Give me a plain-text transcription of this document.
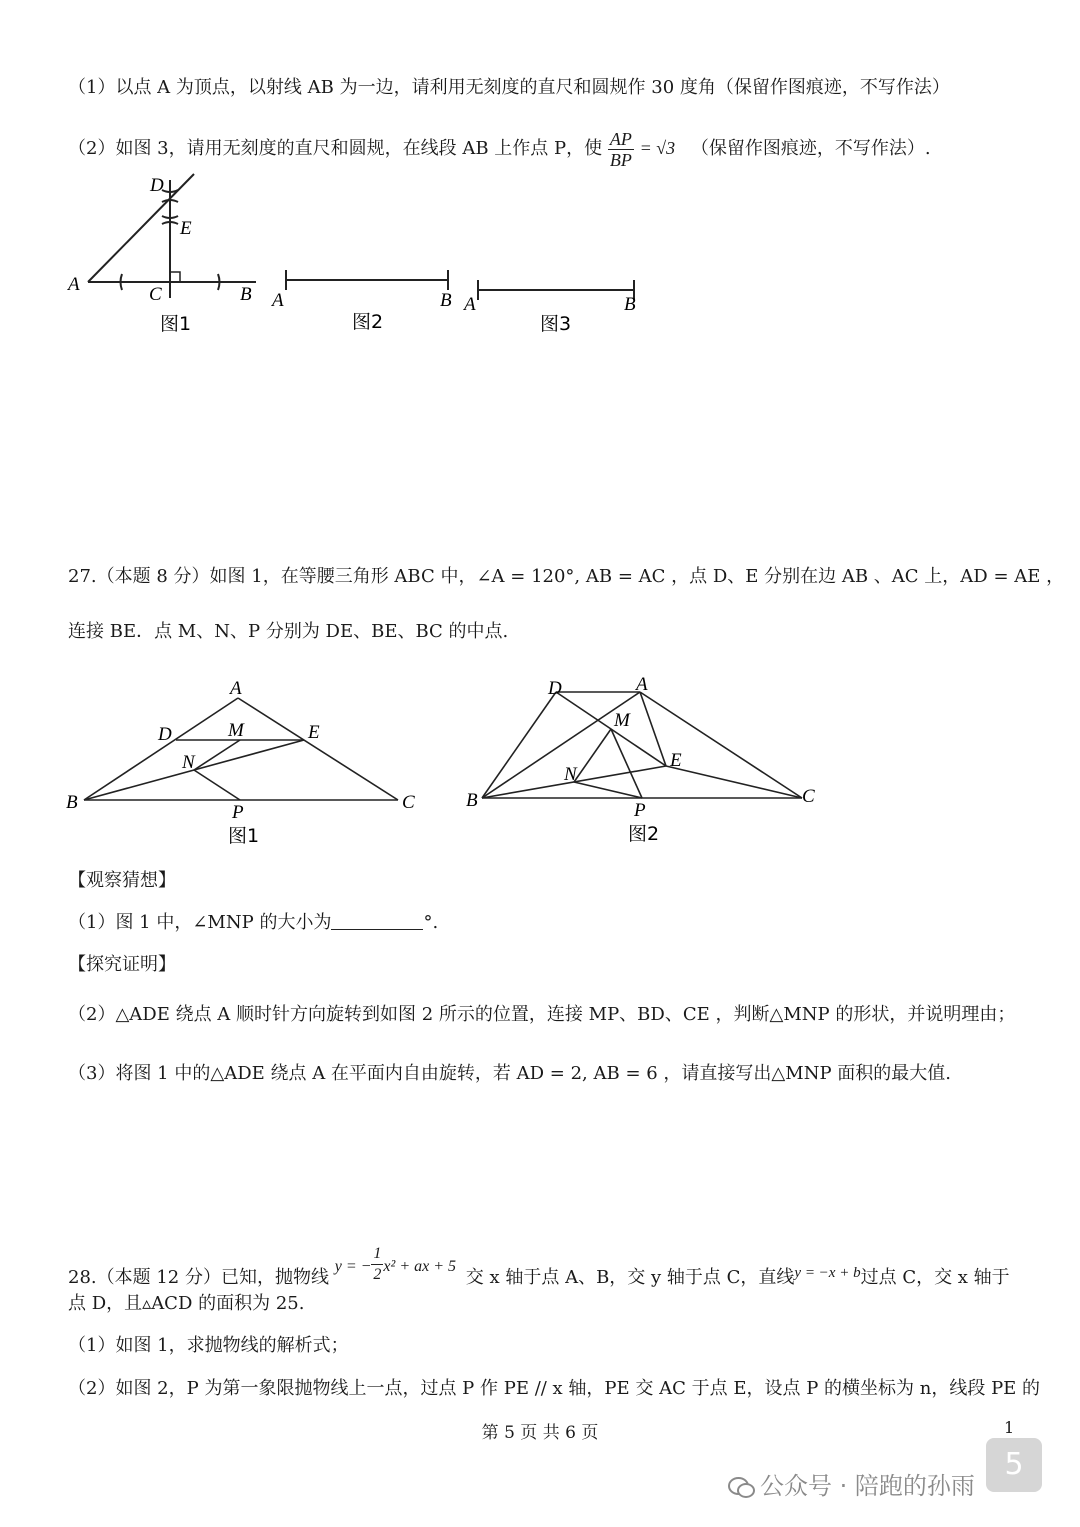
（1）以点 A 为顶点，以射线 AB 为一边，请利用无刻度的直尺和圆规作 30 度角（保留作图痕迹，不写作法）
（2）如图 3，请用无刻度的直尺和圆规，在线段 AB 上作点 P，使 $\frac{AP}{BP} = √3$ （保留作图痕迹，不写作法）.
D
E
A	C	B
图1
A	B
图2
A	B
图3
27.（本题 8 分）如图 1，在等腰三角形 ABC 中，∠A = 120°, AB = AC ，点 D、E 分别在边 AB 、AC 上，AD = AE ，
连接 BE．点 M、N、P 分别为 DE、BE、BC 的中点.
A
D	M	E
N
B	P	C
图1
D	A
M
E
N
B	P
C
图2
【观察猜想】
（1）图 1 中，∠MNP 的大小为	°.
【探究证明】
（2）△ADE 绕点 A 顺时针方向旋转到如图 2 所示的位置，连接 MP、BD、CE ，判断△MNP 的形状，并说明理由；
（3）将图 1 中的△ADE 绕点 A 在平面内自由旋转，若 AD = 2, AB = 6 ，请直接写出△MNP 面积的最大值.
28.（本题 12 分）已知，抛物线 y = − $\frac{1}{2} x^2$ + ax + 5 交 x 轴于点 A、B，交 y 轴于点 C，直线$^{y = -x + b}$过点 C，交 x 轴于
点 D，且▵ACD 的面积为 25.
（1）如图 1，求抛物线的解析式；
（2）如图 2，P 为第一象限抛物线上一点，过点 P 作 PE // x 轴，PE 交 AC 于点 E，设点 P 的横坐标为 n，线段 PE 的
第 5 页 共 6 页	1
5
公众号 · 陪跑的孙雨
